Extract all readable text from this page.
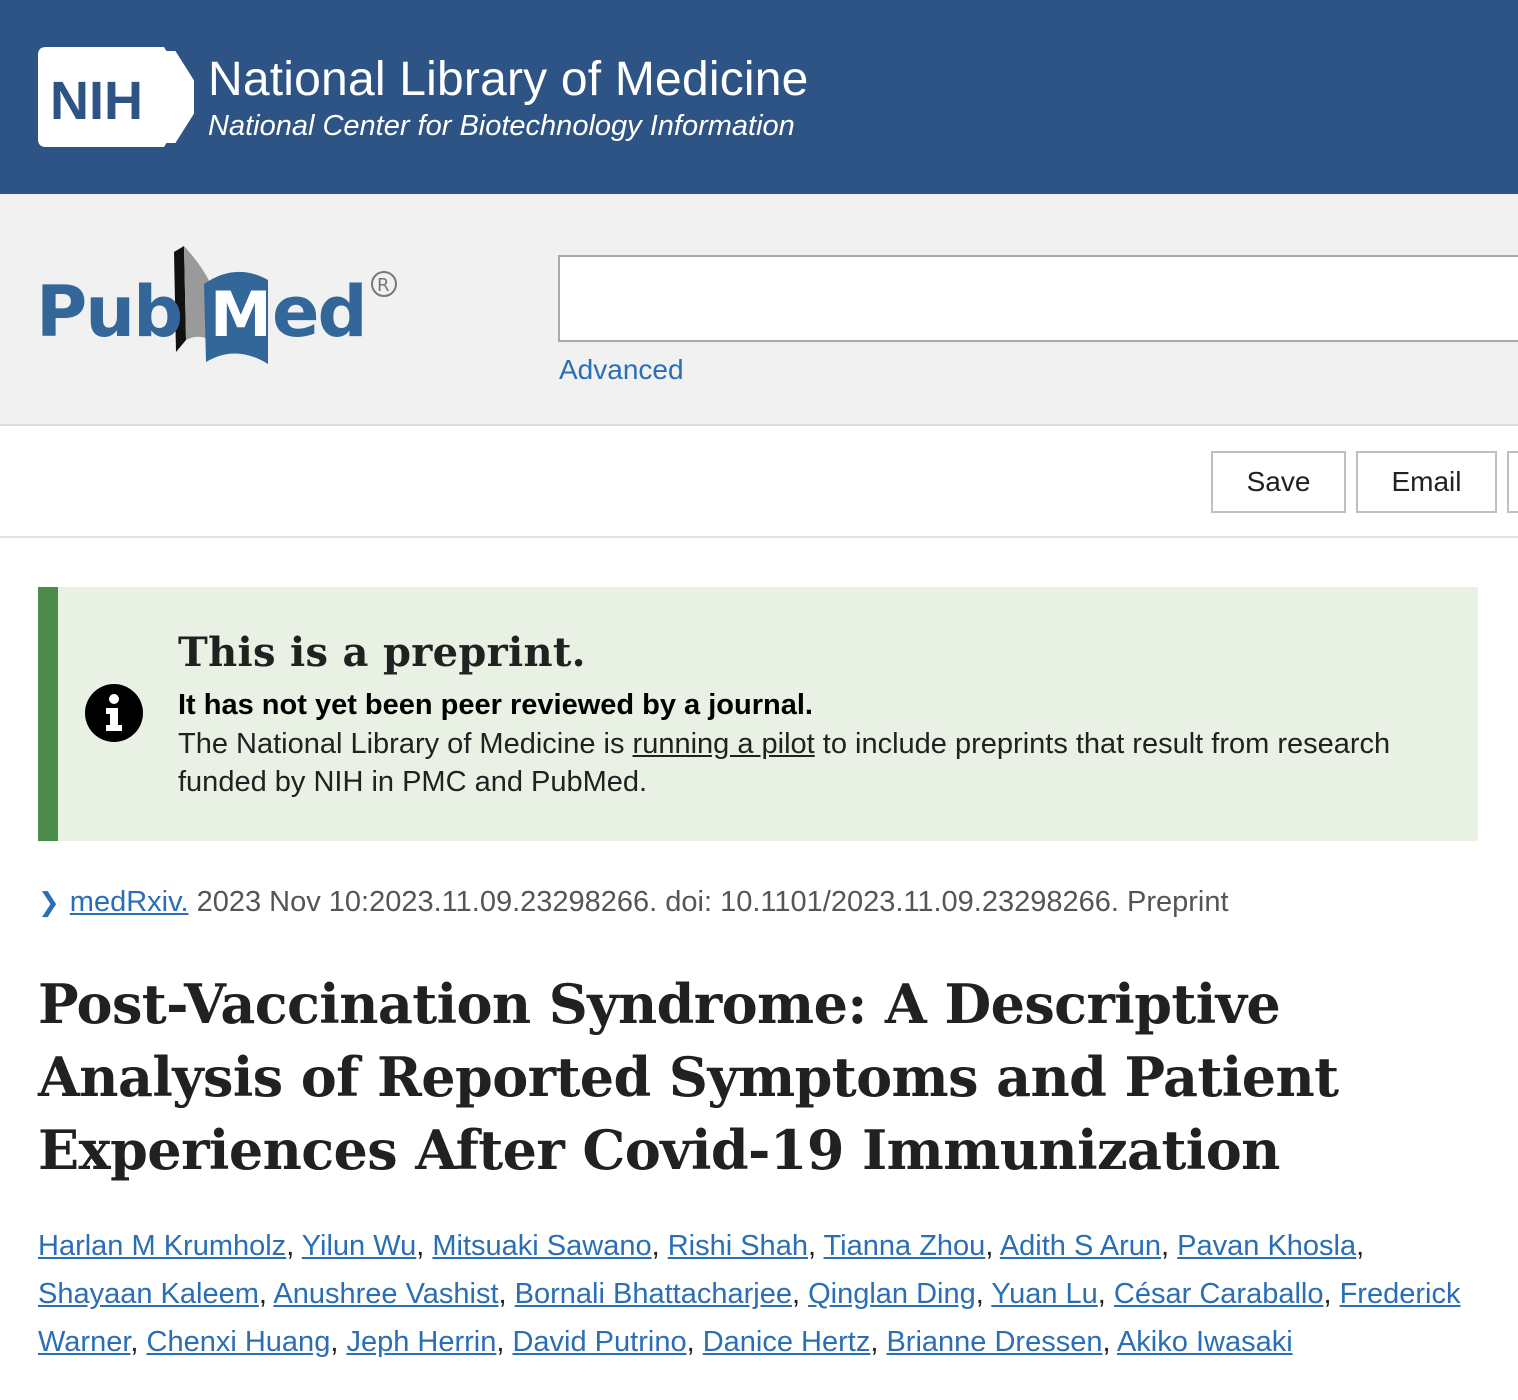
NIH National Library of Medicine
National Center for Biotechnology Information
Pub M ed R
Advanced
Save	Email
This is a preprint.
It has not yet been peer reviewed by a journal.

The National Library of Medicine is running a pilot to include preprints that result from research funded by NIH in PMC and PubMed.

❯ medRxiv. 2023 Nov 10:2023.11.09.23298266. doi: 10.1101/2023.11.09.23298266. Preprint
Post-Vaccination Syndrome: A Descriptive Analysis of Reported Symptoms and Patient Experiences After Covid-19 Immunization
Harlan M Krumholz, Yilun Wu, Mitsuaki Sawano, Rishi Shah, Tianna Zhou, Adith S Arun, Pavan Khosla, Shayaan Kaleem, Anushree Vashist, Bornali Bhattacharjee, Qinglan Ding, Yuan Lu, César Caraballo, Frederick Warner, Chenxi Huang, Jeph Herrin, David Putrino, Danice Hertz, Brianne Dressen, Akiko Iwasaki
